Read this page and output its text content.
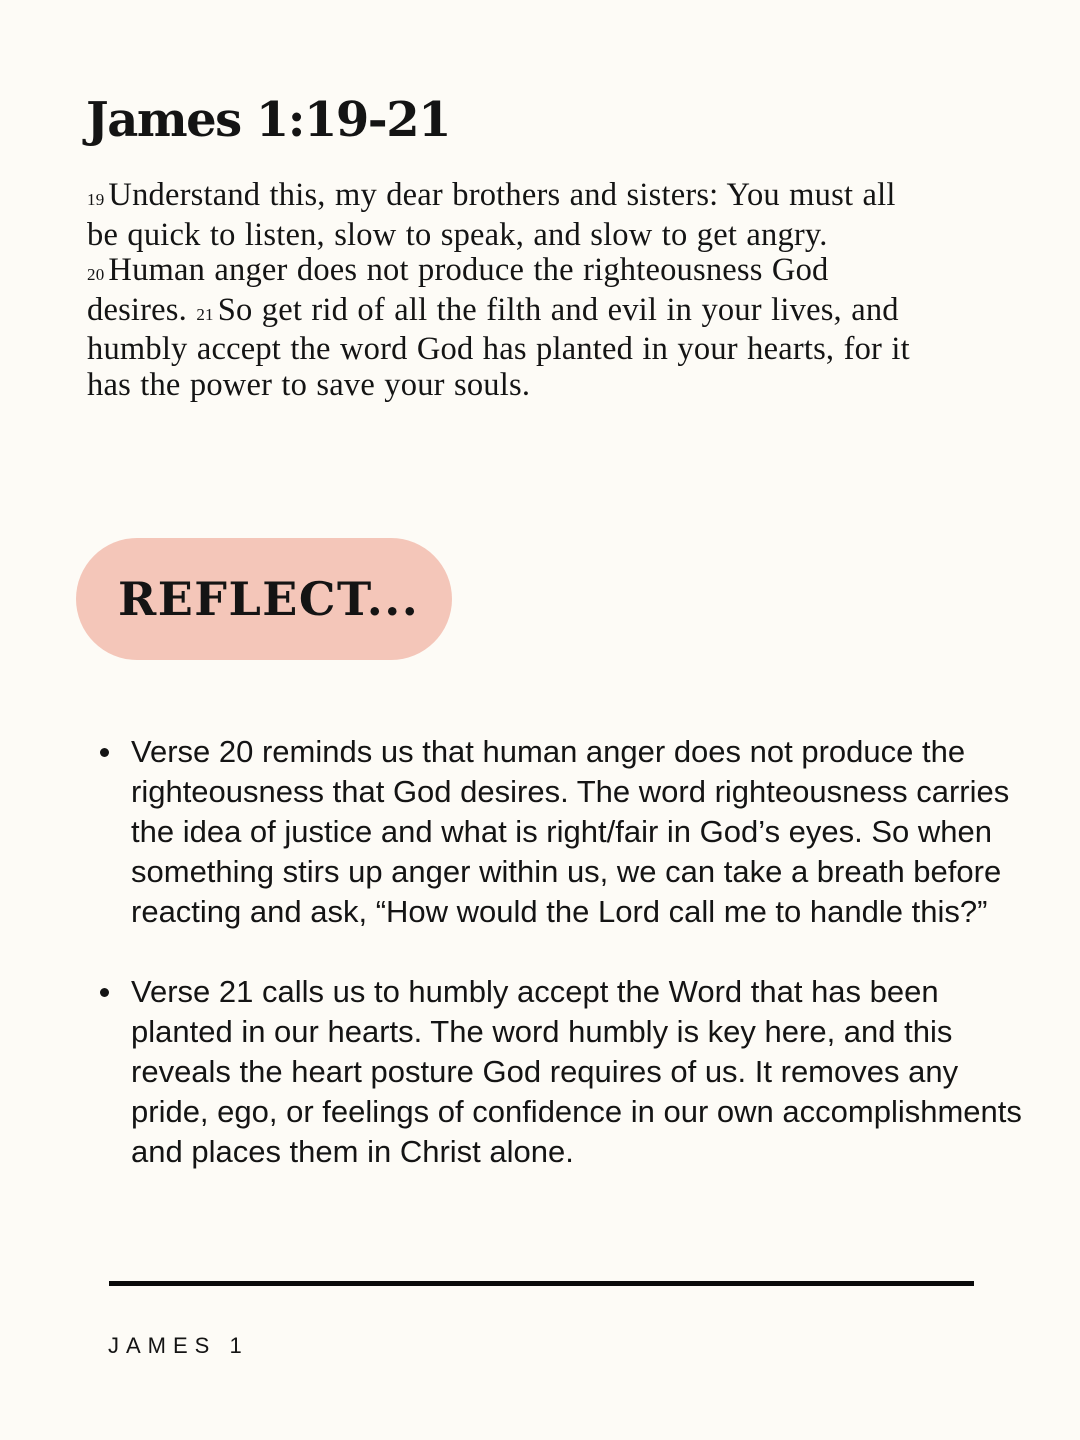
James 1:19-21

19 Understand this, my dear brothers and sisters: You must all be quick to listen, slow to speak, and slow to get angry. 20 Human anger does not produce the righteousness God desires. 21 So get rid of all the filth and evil in your lives, and humbly accept the word God has planted in your hearts, for it has the power to save your souls.

REFLECT...
Verse 20 reminds us that human anger does not produce the righteousness that God desires. The word righteousness carries the idea of justice and what is right/fair in God’s eyes. So when something stirs up anger within us, we can take a breath before reacting and ask, “How would the Lord call me to handle this?”
Verse 21 calls us to humbly accept the Word that has been planted in our hearts. The word humbly is key here, and this reveals the heart posture God requires of us. It removes any pride, ego, or feelings of confidence in our own accomplishments and places them in Christ alone.

JAMES 1
